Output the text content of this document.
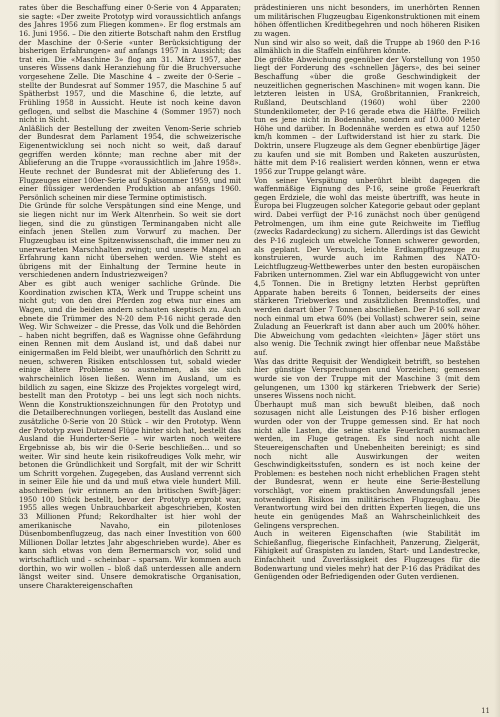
rates über die Beschaffung einer 0-Serie von 4 Apparaten; sie sagte: «Der zweite Prototyp wird voraussichtlich anfangs des Jahres 1956 zum Fliegen kommen». Er flog erstmals am 16. Juni 1956. – Die den zitierte Botschaft nahm den Erstflug der Maschine der 0-Serie «unter Berücksichtigung der bisherigen Erfahrungen» auf anfangs 1957 in Aussicht; das trat ein. Die «Maschine 3» flog am 31. März 1957, aber unseres Wissens dank Heranziehung für die Bruchversuche vorgesehene Zelle. Die Maschine 4 – zweite der 0-Serie – stellte der Bundesrat auf Sommer 1957, die Maschine 5 auf Spätherbst 1957, und die Maschine 6, die letzte, auf Frühling 1958 in Aussicht. Heute ist noch keine davon geflogen, und selbst die Maschine 4 (Sommer 1957) noch nicht in Sicht.

Anläßlich der Bestellung der zweiten Venom-Serie schrieb der Bundesrat dem Parlament 1954, die schweizerische Eigenentwicklung sei noch nicht so weit, daß darauf gegriffen werden könnte; man rechne aber mit der Ablieferung an die Truppe «voraussichtlich im Jahre 1958». Heute rechnet der Bundesrat mit der Ablieferung des 1. Flugzeuges einer 100er-Serie auf Spätsommer 1959, und mit einer flüssiger werdenden Produktion ab anfangs 1960. Persönlich scheinen mir diese Termine optimistisch.

Die Gründe für solche Verspätungen sind eine Menge, und sie liegen nicht nur im Werk Altenrhein. So weit sie dort liegen, sind die zu günstigen Terminangaben nicht alle einfach jenen Stellen zum Vorwurf zu machen. Der Flugzeugbau ist eine Spitzenwissenschaft, die immer neu zu unerwarteten Marschhalten zwingt; und unsere Mangel an Erfahrung kann nicht übersehen werden. Wie steht es übrigens mit der Einhaltung der Termine heute in verschiedenen andern Industriezweigen?

Aber es gibt auch weniger sachliche Gründe. Die Koordination zwischen KTA, Werk und Truppe scheint uns nicht gut; von den drei Pferden zog etwa nur eines am Wagen, und die beiden andern schauten skeptisch zu. Auch ebnete die Trümmer des N-20 dem P-16 nicht gerade den Weg. Wir Schweizer – die Presse, das Volk und die Behörden – haben nicht begriffen, daß es Wagnisse ohne Gefährdung einen Rennen mit dem Ausland ist, und daß dabei nur einigermaßen im Feld bleibt, wer unaufhörlich den Schritt zu neuen, schweren Risiken entschlossen tut, sobald wieder einige ältere Probleme so ausnehmen, als sie sich wahrscheinlich lösen ließen. Wenn im Ausland, um es bildlich zu sagen, eine Skizze des Projektes vorgelegt wird, bestellt man den Prototyp – bei uns legt sich noch nichts. Wenn die Konstruktionszeichnungen für den Prototyp und die Detailberechnungen vorliegen, bestellt das Ausland eine zusätzliche 0-Serie von 20 Stück – wir den Prototyp. Wenn der Prototyp zwei Dutzend Flüge hinter sich hat, bestellt das Ausland die Hunderter-Serie – wir warten noch weitere Ergebnisse ab, bis wir die 0-Serie beschließen… und so weiter. Wir sind heute kein risikofreudiges Volk mehr, wir betonen die Gründlichkeit und Sorgfalt, mit der wir Schritt um Schritt vorgehen. Zugegeben, das Ausland verrennt sich in seiner Eile hie und da und muß etwa viele hundert Mill. abschreiben (wir erinnern an den britischen Swift-Jäger: 1950 100 Stück bestellt, bevor der Prototyp erprobt war, 1955 alles wegen Unbrauchbarkeit abgeschrieben, Kosten 33 Millionen Pfund; Rekordhalter ist hier wohl der amerikanische Navaho, ein pilotenloses Düsenbombenflugzeug, das nach einer Investition von 600 Millionen Dollar letztes Jahr abgeschrieben wurde). Aber es kann sich etwas von dem Bernermarsch vor, solid und wirtschaftlich und – scheinbar – sparsam. Wir kommen auch dorthin, wo wir wollen – bloß daß unterdessen alle andern längst weiter sind. Unsere demokratische Organisation, unsere Charaktereigenschaften

prädestinieren uns nicht besonders, im unerhörten Rennen um militärischen Flugzeugbau Eigenkonstruktionen mit einem höhen öffentlichen Kreditbegehren und noch höheren Risiken zu wagen.

Nun sind wir also so weit, daß die Truppe ab 1960 den P-16 allmählich in die Staffeln einführen könnte.

Die größte Abweichung gegenüber der Vorstellung von 1950 liegt der Forderung des «schnellen Jägers», des bei seiner Beschaffung «über die große Geschwindigkeit der neuzeitlichen gegnerischen Maschinen» mit wogen kann. Die letzteren leisten in USA, Großbritannien, Frankreich, Rußland, Deutschland (1960) wohl über 2200 Stundenkilometer, der P-16 gerade etwa die Hälfte. Freilich tun es jene nicht in Bodennähe, sondern auf 10.000 Meter Höhe und darüber. In Bodennähe werden es etwa auf 1250 km/h kommen – der Luftwiderstand ist hier zu stark. Die Doktrin, unsere Flugzeuge als dem Gegner ebenbürtige Jäger zu kaufen und sie mit Bomben und Raketen auszurüsten, hätte mit dem P-16 realisiert werden können, wenn er etwa 1956 zur Truppe gelangt wäre.

Von seiner Verspätung unberührt bleibt dagegen die waffenmäßige Eignung des P-16, seine große Feuerkraft gegen Erdziele, die wohl das meiste übertrifft, was heute in Europa bei Flugzeugen solcher Kategorie gebaut oder geplant wird. Dabei verfügt der P-16 zunächst noch über genügend Petrolmengen, um ihm eine gute Reichweite im Tiefflug (zwecks Radardeckung) zu sichern. Allerdings ist das Gewicht des P-16 zugleich um etwelche Tonnen schwerer geworden, als geplant. Der Versuch, leichte Erdkampfflugzeuge zu konstruieren, wurde auch im Rahmen des NATO-Leichtflugzeug-Wettbewerbes unter den besten europäischen Fabriken unternommen. Ziel war ein Abfluggewicht von unter 4,5 Tonnen. Die in Bretigny letzten Herbst geprüften Apparate haben bereits 6 Tonnen, beiderseits der eines stärkeren Triebwerkes und zusätzlichen Brennstoffes, und werden darart über 7 Tonnen abschließen. Der P-16 soll zwar noch einmal um etwa 60% (bei Vollast) schwerer sein, seine Zuladung an Feuerkraft ist dann aber auch um 200% höher. Die Abweichung vom gedachten «leichten» Jäger stört uns also wenig. Die Technik zwingt hier offenbar neue Maßstäbe auf.

Was das dritte Requisit der Wendigkeit betrifft, so bestehen hier günstige Versprechungen und Vorzeichen; gemessen wurde sie von der Truppe mit der Maschine 3 (mit dem gelungenen, um 1300 kg stärkeren Triebwerk der Serie) unseres Wissens noch nicht.

Überhaupt muß man sich bewußt bleiben, daß noch sozusagen nicht alle Leistungen des P-16 bisher erflogen wurden oder von der Truppe gemessen sind. Er hat noch nicht alle Lasten, die seine starke Feuerkraft ausmachen werden, im Fluge getragen. Es sind noch nicht alle Steuereigenschaften und Unebenheiten bereinigt; es sind noch nicht alle Auswirkungen der weiten Geschwindigkeitsstufen, sondern es ist noch keine der Problemen: es bestehen noch nicht erheblichen Fragen steht der Bundesrat, wenn er heute eine Serie-Bestellung vorschlägt, vor einem praktischen Anwendungsfall jenes notwendigen Risikos im militärischen Flugzeugbau. Die Verantwortung wird bei den dritten Experten liegen, die uns heute ein genügendes Maß an Wahrscheinlichkeit des Gelingens versprechen.

Auch in weiteren Eigenschaften (wie Stabilität im Schießanflug, fliegerische Einfachheit, Panzerung, Zielgerät, Fähigkeit auf Graspisten zu landen, Start- und Landestrecke, Einfachheit und Zuverlässigkeit des Flugzeuges für die Bodenwartung und vieles mehr) hat der P-16 das Prädikat des Genügenden oder Befriedigenden oder Guten verdienen.

11
